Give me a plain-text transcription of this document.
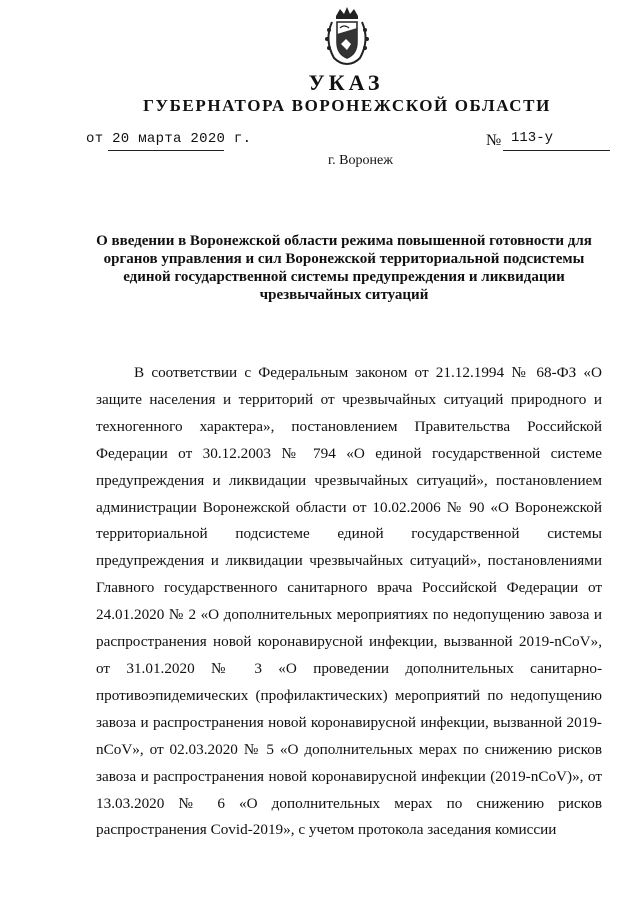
УКАЗ
ГУБЕРНАТОРА ВОРОНЕЖСКОЙ ОБЛАСТИ
от 20 марта 2020 г.	№ 113-у
г. Воронеж
О введении в Воронежской области режима повышенной готовности для органов управления и сил Воронежской территориальной подсистемы единой государственной системы предупреждения и ликвидации чрезвычайных ситуаций
В соответствии с Федеральным законом от 21.12.1994 № 68-ФЗ «О защите населения и территорий от чрезвычайных ситуаций природного и техногенного характера», постановлением Правительства Российской Федерации от 30.12.2003 № 794 «О единой государственной системе предупреждения и ликвидации чрезвычайных ситуаций», постановлением администрации Воронежской области от 10.02.2006 № 90 «О Воронежской территориальной подсистеме единой государственной системы предупреждения и ликвидации чрезвычайных ситуаций», постановлениями Главного государственного санитарного врача Российской Федерации от 24.01.2020 № 2 «О дополнительных мероприятиях по недопущению завоза и распространения новой коронавирусной инфекции, вызванной 2019-nCoV», от 31.01.2020 № 3 «О проведении дополнительных санитарно-противоэпидемических (профилактических) мероприятий по недопущению завоза и распространения новой коронавирусной инфекции, вызванной 2019-nCoV», от 02.03.2020 № 5 «О дополнительных мерах по снижению рисков завоза и распространения новой коронавирусной инфекции (2019-nCoV)», от 13.03.2020 № 6 «О дополнительных мерах по снижению рисков распространения Covid-2019», с учетом протокола заседания комиссии
